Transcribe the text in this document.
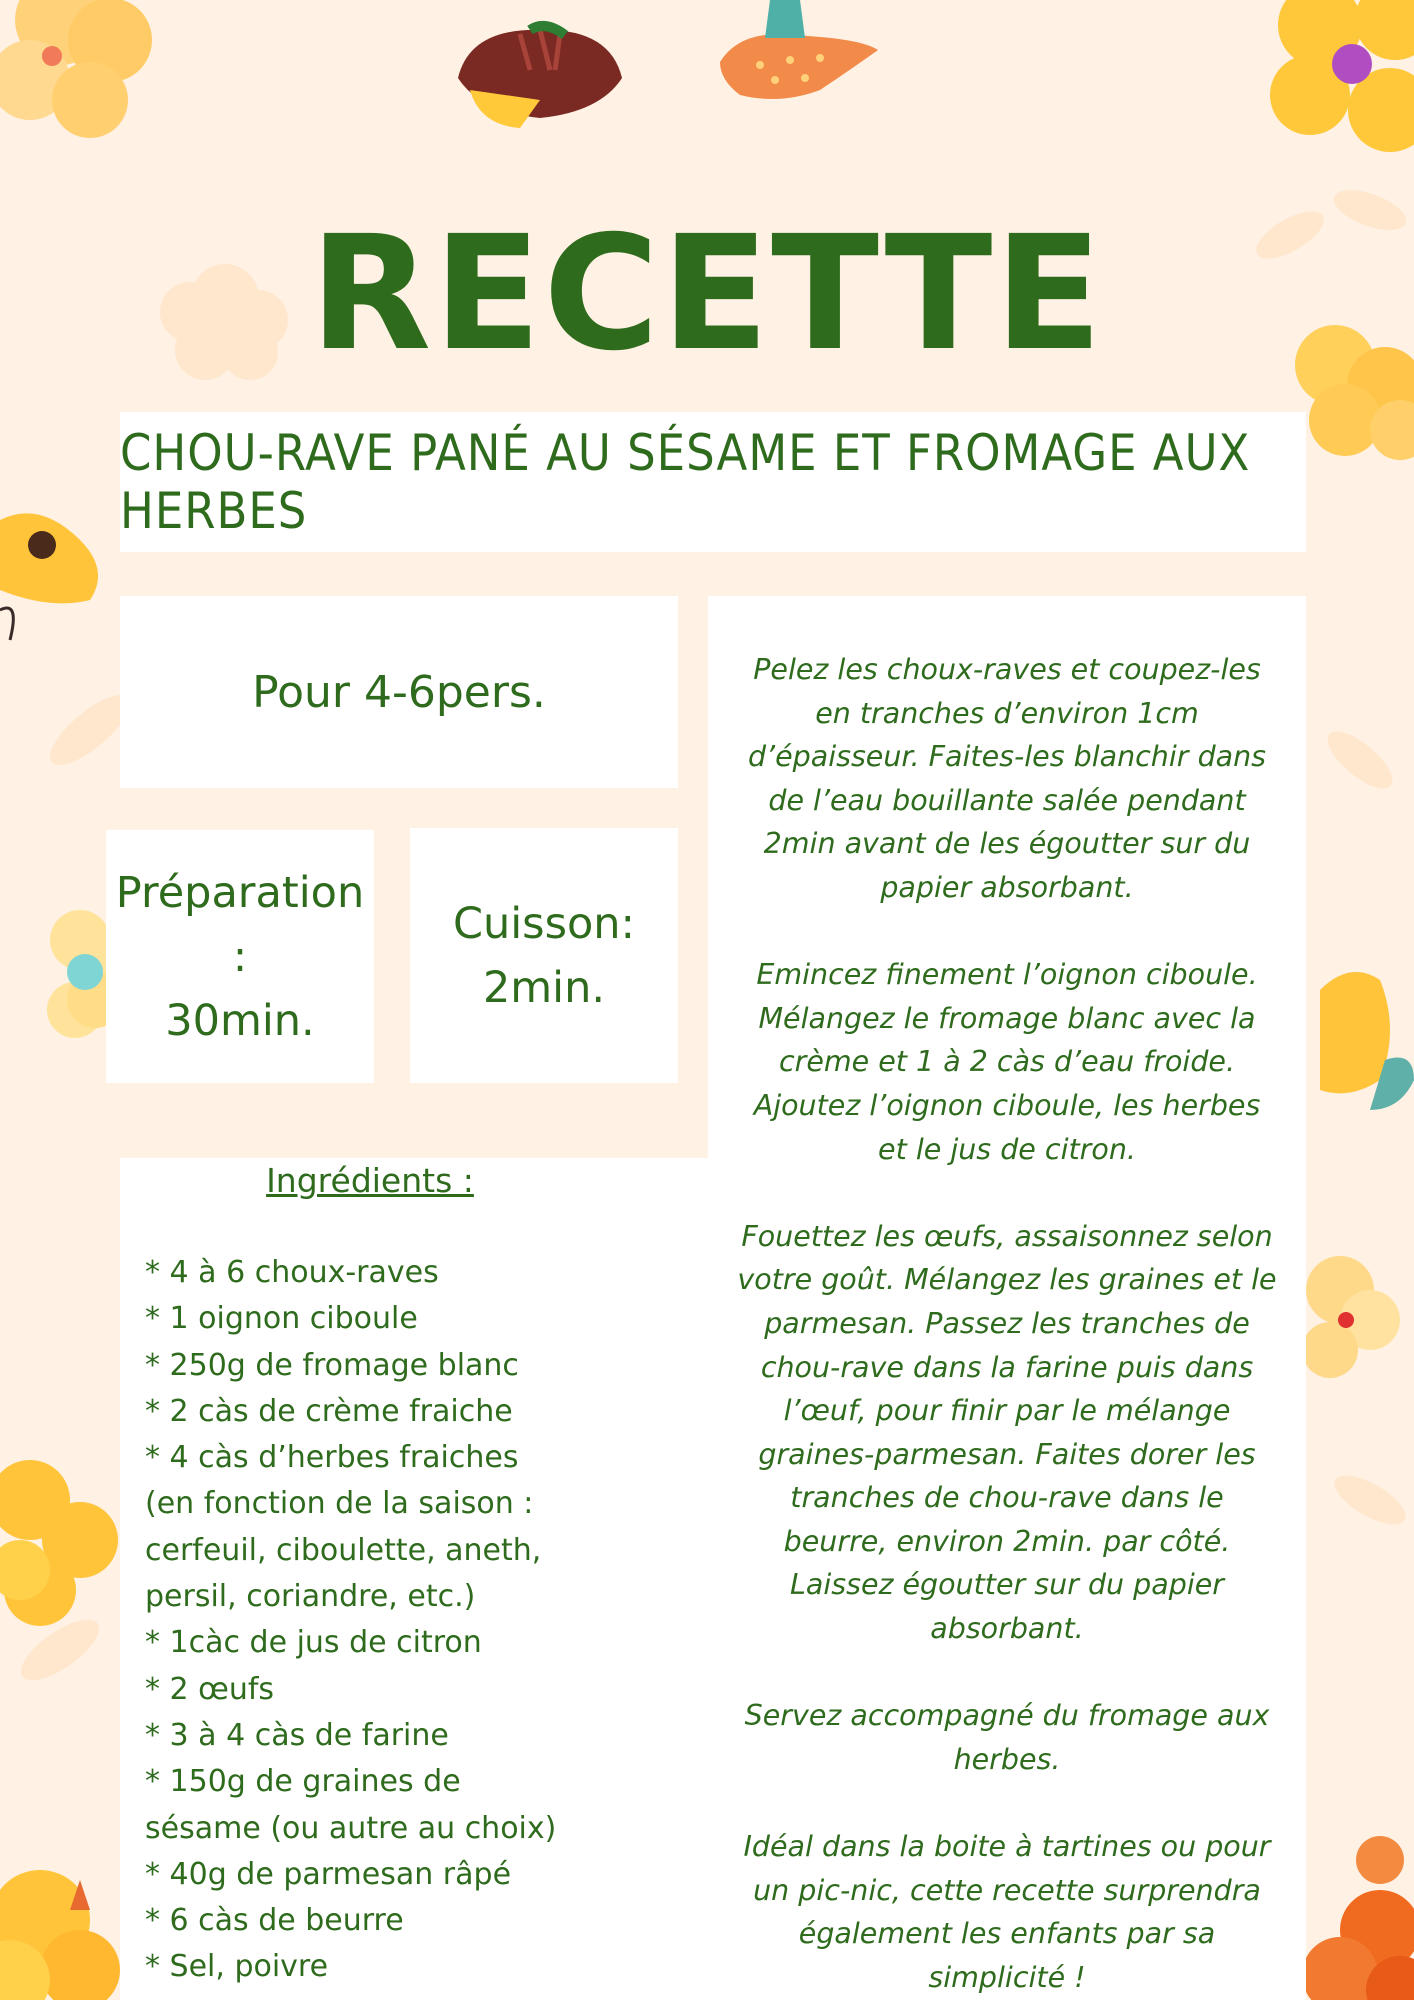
RECETTE
CHOU-RAVE PANÉ AU SÉSAME ET FROMAGE AUX HERBES
Pour 4-6pers.
Préparation :
30min.
Cuisson:
2min.
Ingrédients :
* 4 à 6 choux-raves
* 1 oignon ciboule
* 250g de fromage blanc
* 2 càs de crème fraiche
* 4 càs d’herbes fraiches
(en fonction de la saison :
cerfeuil, ciboulette, aneth,
persil, coriandre, etc.)
* 1càc de jus de citron
* 2 œufs
* 3 à 4 càs de farine
* 150g de graines de
sésame (ou autre au choix)
* 40g de parmesan râpé
* 6 càs de beurre
* Sel, poivre

Pelez les choux-raves et coupez-les en tranches d’environ 1cm d’épaisseur. Faites-les blanchir dans de l’eau bouillante salée pendant 2min avant de les égoutter sur du papier absorbant.

Emincez finement l’oignon ciboule. Mélangez le fromage blanc avec la crème et 1 à 2 càs d’eau froide. Ajoutez l’oignon ciboule, les herbes et le jus de citron.

Fouettez les œufs, assaisonnez selon votre goût. Mélangez les graines et le parmesan. Passez les tranches de chou-rave dans la farine puis dans l’œuf, pour finir par le mélange graines-parmesan. Faites dorer les tranches de chou-rave dans le beurre, environ 2min. par côté. Laissez égoutter sur du papier absorbant.

Servez accompagné du fromage aux herbes.

Idéal dans la boite à tartines ou pour un pic-nic, cette recette surprendra également les enfants par sa simplicité !
